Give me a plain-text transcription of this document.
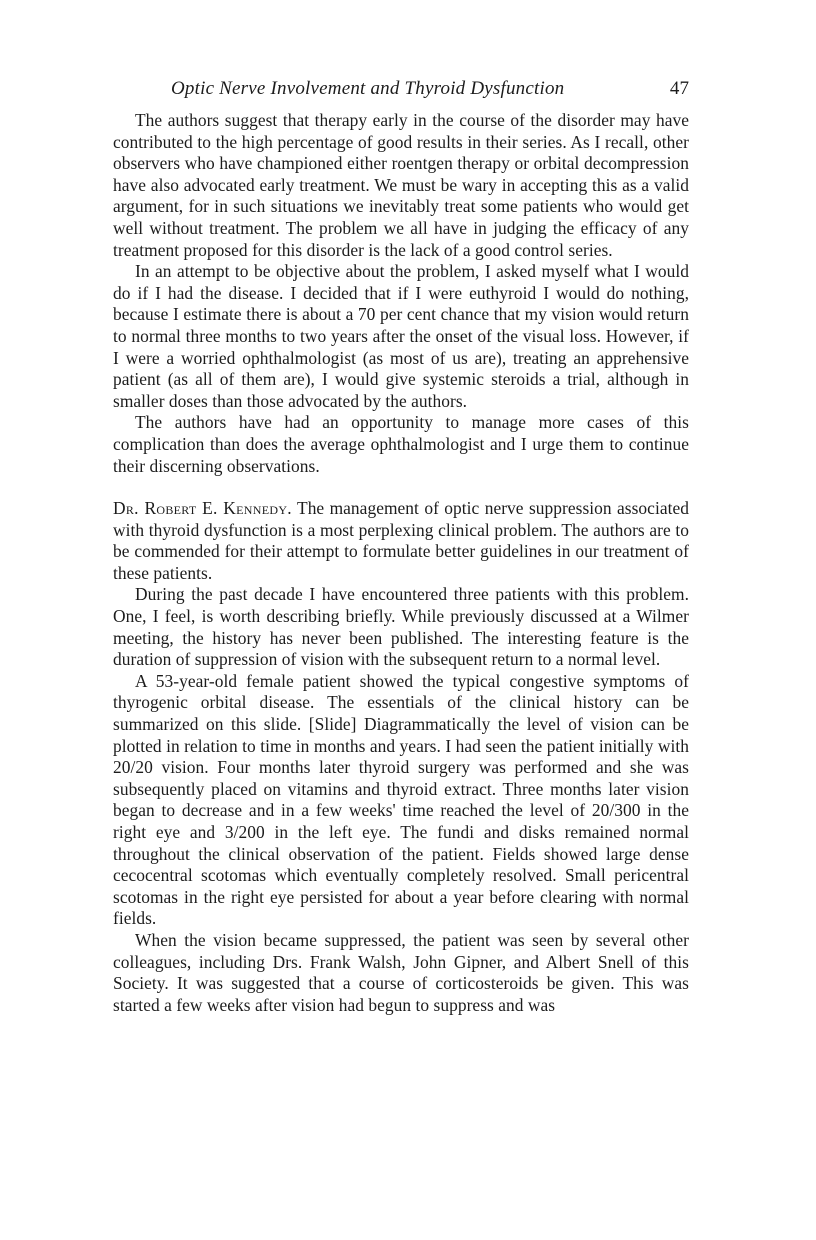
Optic Nerve Involvement and Thyroid Dysfunction	47

The authors suggest that therapy early in the course of the disorder may have contributed to the high percentage of good results in their series. As I recall, other observers who have championed either roentgen therapy or orbital decompression have also advocated early treatment. We must be wary in accepting this as a valid argument, for in such situations we inevitably treat some patients who would get well without treatment. The problem we all have in judging the efficacy of any treatment proposed for this disorder is the lack of a good control series.

In an attempt to be objective about the problem, I asked myself what I would do if I had the disease. I decided that if I were euthyroid I would do nothing, because I estimate there is about a 70 per cent chance that my vision would return to normal three months to two years after the onset of the visual loss. However, if I were a worried ophthalmologist (as most of us are), treating an apprehensive patient (as all of them are), I would give systemic steroids a trial, although in smaller doses than those advocated by the authors.

The authors have had an opportunity to manage more cases of this complication than does the average ophthalmologist and I urge them to continue their discerning observations.

Dr. Robert E. Kennedy. The management of optic nerve suppression associated with thyroid dysfunction is a most perplexing clinical problem. The authors are to be commended for their attempt to formulate better guidelines in our treatment of these patients.

During the past decade I have encountered three patients with this problem. One, I feel, is worth describing briefly. While previously discussed at a Wilmer meeting, the history has never been published. The interesting feature is the duration of suppression of vision with the subsequent return to a normal level.

A 53-year-old female patient showed the typical congestive symptoms of thyrogenic orbital disease. The essentials of the clinical history can be summarized on this slide. [Slide] Diagrammatically the level of vision can be plotted in relation to time in months and years. I had seen the patient initially with 20/20 vision. Four months later thyroid surgery was performed and she was subsequently placed on vitamins and thyroid extract. Three months later vision began to decrease and in a few weeks' time reached the level of 20/300 in the right eye and 3/200 in the left eye. The fundi and disks remained normal throughout the clinical observation of the patient. Fields showed large dense cecocentral scotomas which eventually completely resolved. Small pericentral scotomas in the right eye persisted for about a year before clearing with normal fields.

When the vision became suppressed, the patient was seen by several other colleagues, including Drs. Frank Walsh, John Gipner, and Albert Snell of this Society. It was suggested that a course of corticosteroids be given. This was started a few weeks after vision had begun to suppress and was
